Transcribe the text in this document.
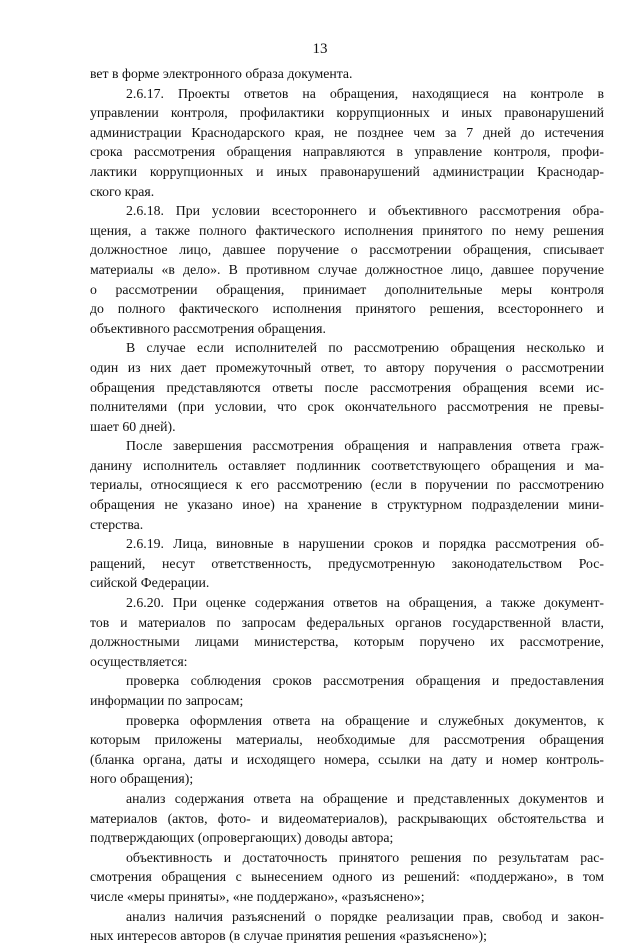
13
вет в форме электронного образа документа.
2.6.17. Проекты ответов на обращения, находящиеся на контроле в
управлении контроля, профилактики коррупционных и иных правонарушений
администрации Краснодарского края, не позднее чем за 7 дней до истечения
срока рассмотрения обращения направляются в управление контроля, профи-
лактики коррупционных и иных правонарушений администрации Краснодар-
ского края.
2.6.18. При условии всестороннего и объективного рассмотрения обра-
щения, а также полного фактического исполнения принятого по нему решения
должностное лицо, давшее поручение о рассмотрении обращения, списывает
материалы «в дело». В противном случае должностное лицо, давшее поручение
о рассмотрении обращения, принимает дополнительные меры контроля
до полного фактического исполнения принятого решения, всестороннего и
объективного рассмотрения обращения.
В случае если исполнителей по рассмотрению обращения несколько и
один из них дает промежуточный ответ, то автору поручения о рассмотрении
обращения представляются ответы после рассмотрения обращения всеми ис-
полнителями (при условии, что срок окончательного рассмотрения не превы-
шает 60 дней).
После завершения рассмотрения обращения и направления ответа граж-
данину исполнитель оставляет подлинник соответствующего обращения и ма-
териалы, относящиеся к его рассмотрению (если в поручении по рассмотрению
обращения не указано иное) на хранение в структурном подразделении мини-
стерства.
2.6.19. Лица, виновные в нарушении сроков и порядка рассмотрения об-
ращений, несут ответственность, предусмотренную законодательством Рос-
сийской Федерации.
2.6.20. При оценке содержания ответов на обращения, а также документ-
тов и материалов по запросам федеральных органов государственной власти,
должностными лицами министерства, которым поручено их рассмотрение,
осуществляется:
проверка соблюдения сроков рассмотрения обращения и предоставления
информации по запросам;
проверка оформления ответа на обращение и служебных документов, к
которым приложены материалы, необходимые для рассмотрения обращения
(бланка органа, даты и исходящего номера, ссылки на дату и номер контроль-
ного обращения);
анализ содержания ответа на обращение и представленных документов и
материалов (актов, фото- и видеоматериалов), раскрывающих обстоятельства и
подтверждающих (опровергающих) доводы автора;
объективность и достаточность принятого решения по результатам рас-
смотрения обращения с вынесением одного из решений: «поддержано», в том
числе «меры приняты», «не поддержано», «разъяснено»;
анализ наличия разъяснений о порядке реализации прав, свобод и закон-
ных интересов авторов (в случае принятия решения «разъяснено»);
